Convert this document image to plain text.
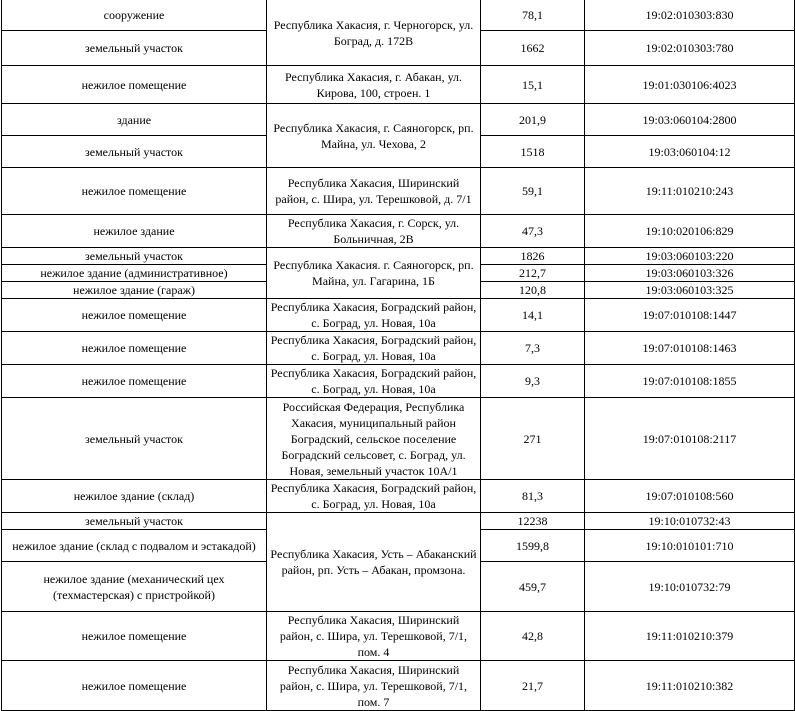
сооружение	Республика Хакасия, г. Черногорск, ул. Боград, д. 172В	78,1	19:02:010303:830
земельный участок		1662	19:02:010303:780
нежилое помещение	Республика Хакасия, г. Абакан, ул. Кирова, 100, строен. 1	15,1	19:01:030106:4023
здание	Республика Хакасия, г. Саяногорск, рп. Майна, ул. Чехова, 2	201,9	19:03:060104:2800
земельный участок		1518	19:03:060104:12
нежилое помещение	Республика Хакасия, Ширинский район, с. Шира, ул. Терешковой, д. 7/1	59,1	19:11:010210:243
нежилое здание	Республика Хакасия, г. Сорск, ул. Больничная, 2В	47,3	19:10:020106:829
земельный участок	Республика Хакасия. г. Саяногорск, рп. Майна, ул. Гагарина, 1Б	1826	19:03:060103:220
нежилое здание (административное)		212,7	19:03:060103:326
нежилое здание (гараж)		120,8	19:03:060103:325
нежилое помещение	Республика Хакасия, Боградский район, с. Боград, ул. Новая, 10а	14,1	19:07:010108:1447
нежилое помещение	Республика Хакасия, Боградский район, с. Боград, ул. Новая, 10а	7,3	19:07:010108:1463
нежилое помещение	Республика Хакасия, Боградский район, с. Боград, ул. Новая, 10а	9,3	19:07:010108:1855
земельный участок	Российская Федерация, Республика Хакасия, муниципальный район Боградский, сельское поселение Боградский сельсовет, с. Боград, ул. Новая, земельный участок 10А/1	271	19:07:010108:2117
нежилое здание (склад)	Республика Хакасия, Боградский район, с. Боград, ул. Новая, 10а	81,3	19:07:010108:560
земельный участок	Республика Хакасия, Усть – Абаканский район, рп. Усть – Абакан, промзона.	12238	19:10:010732:43
нежилое здание (склад с подвалом и эстакадой)		1599,8	19:10:010101:710
нежилое здание (механический цех (техмастерская) с пристройкой)		459,7	19:10:010732:79
нежилое помещение	Республика Хакасия, Ширинский район, с. Шира, ул. Терешковой, 7/1, пом. 4	42,8	19:11:010210:379
нежилое помещение	Республика Хакасия, Ширинский район, с. Шира, ул. Терешковой, 7/1, пом. 7	21,7	19:11:010210:382
